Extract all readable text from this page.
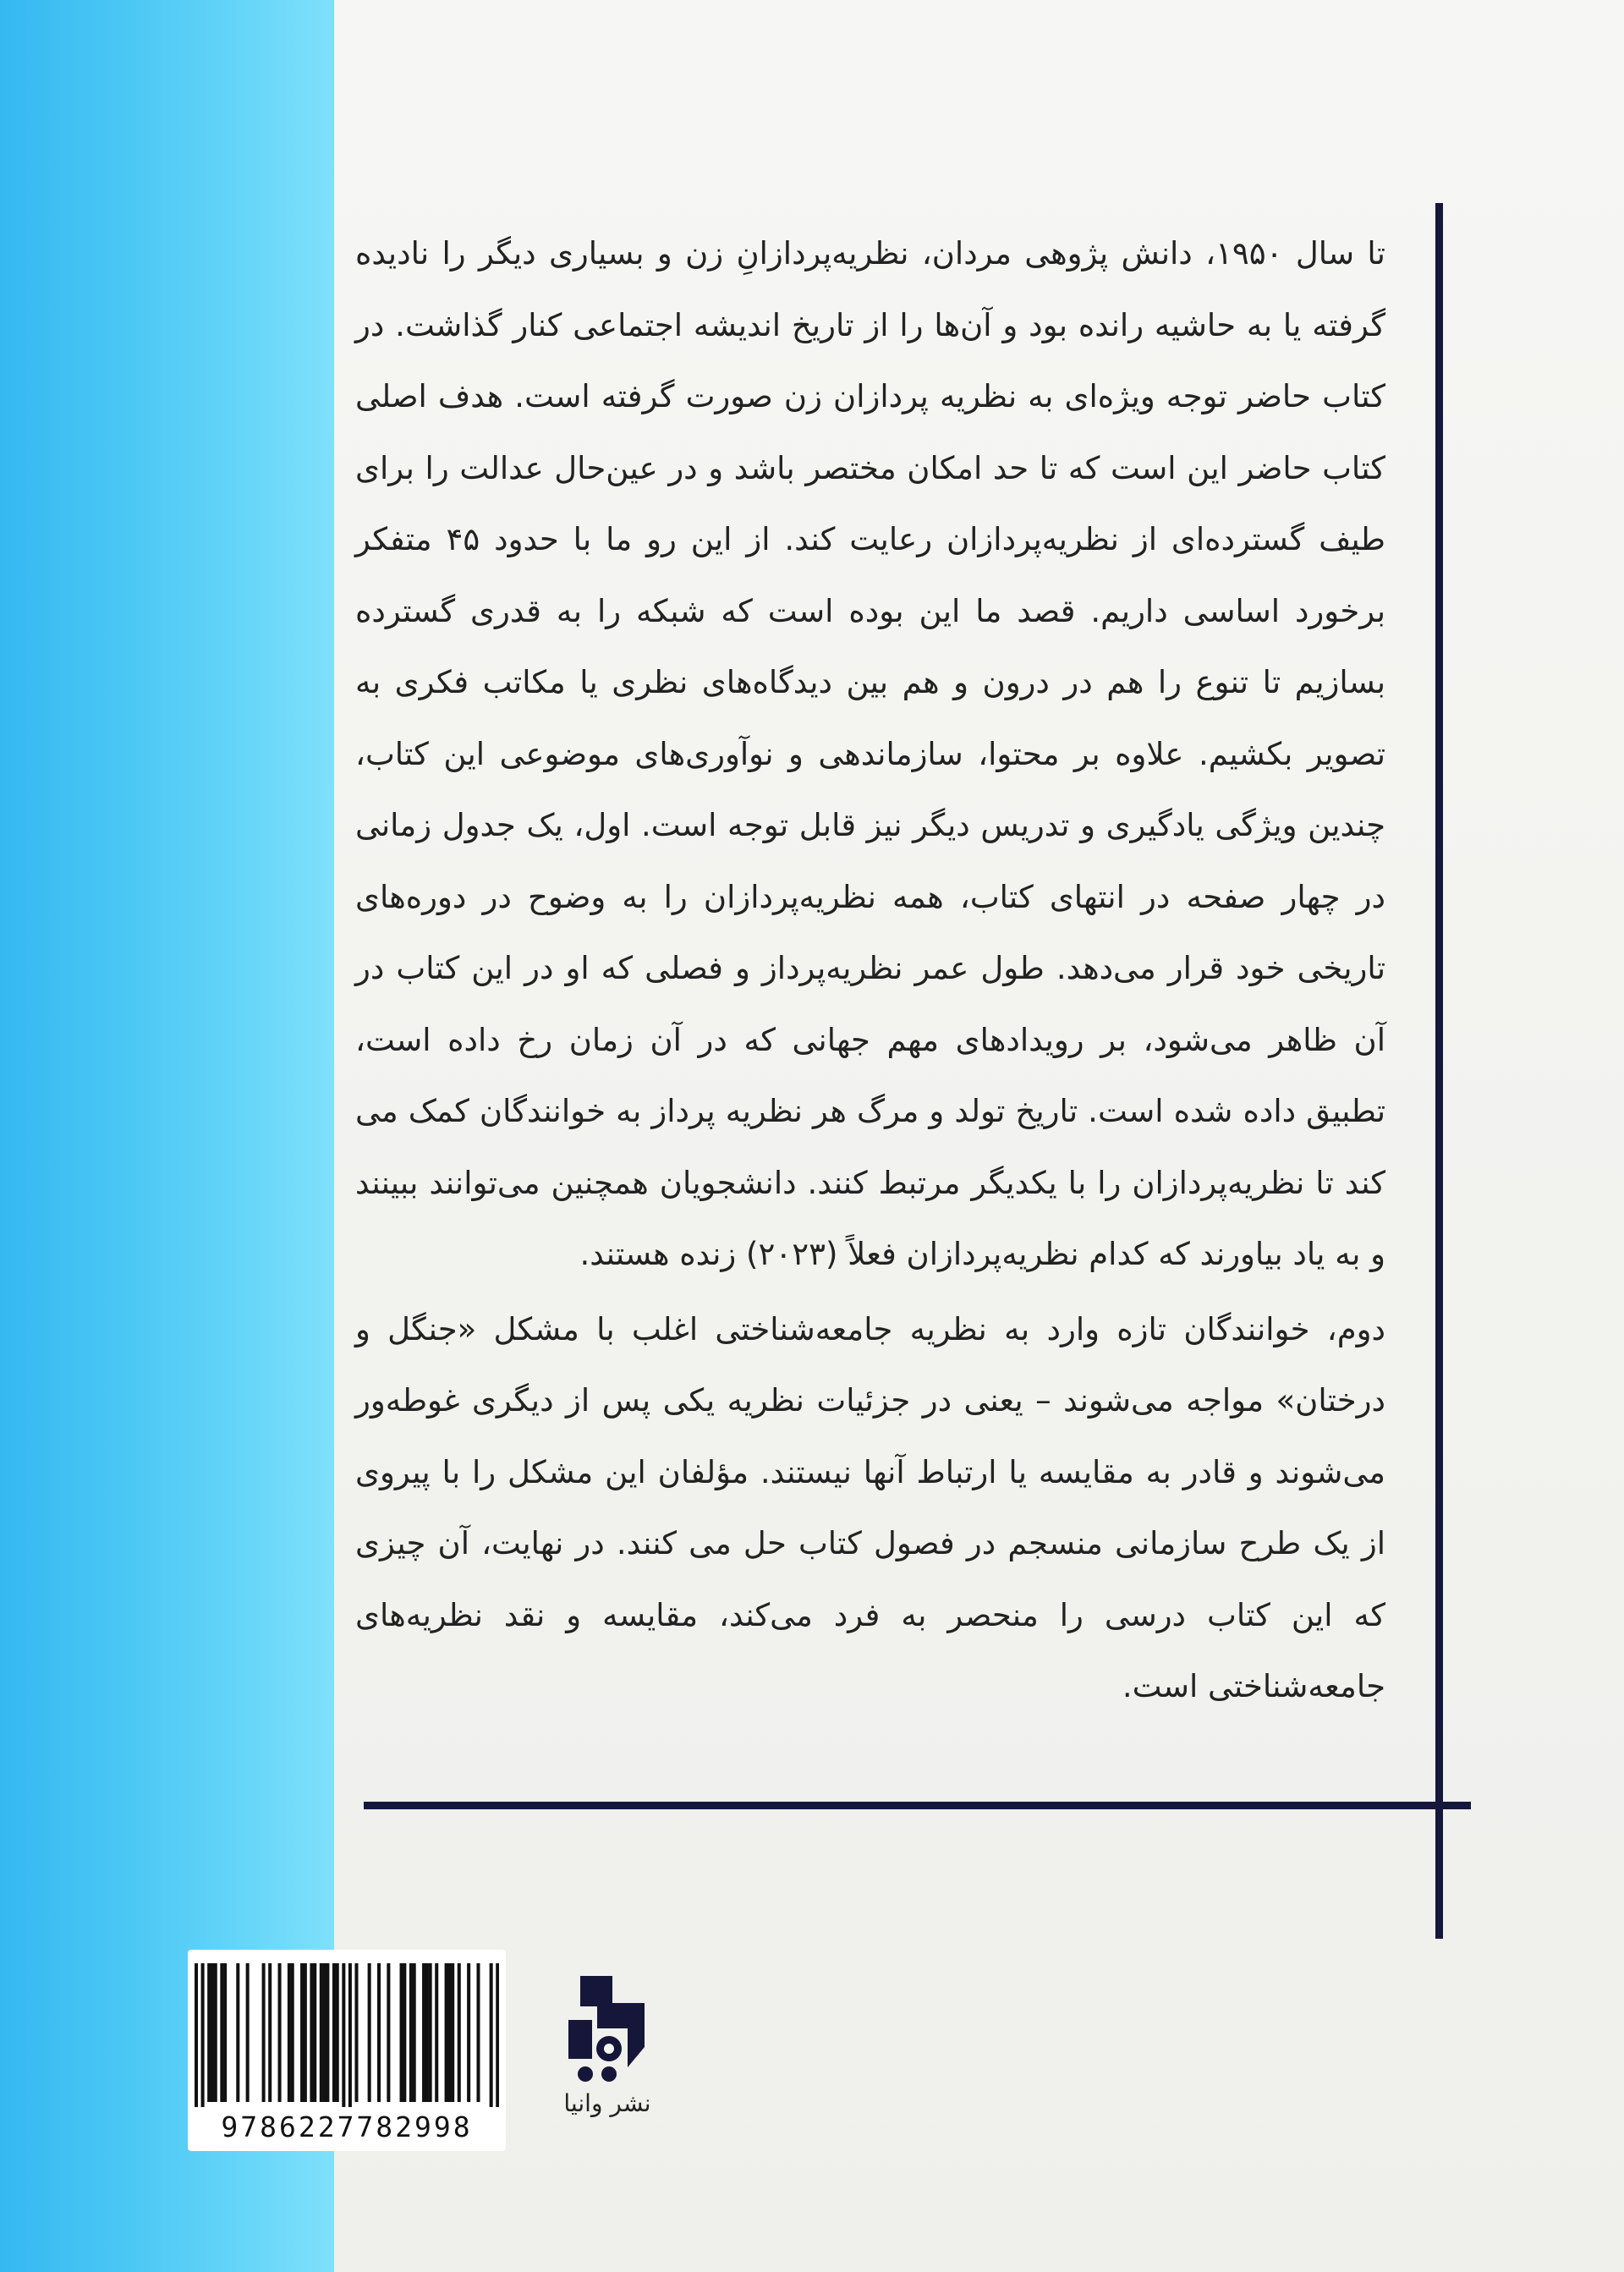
تا سال ۱۹۵۰، دانش پژوهی مردان، نظریه‌پردازانِ زن و بسیاری دیگر را نادیده گرفته یا به حاشیه رانده بود و آن‌ها را از تاریخ اندیشه اجتماعی کنار گذاشت. در کتاب حاضر توجه ویژه‌ای به نظریه پردازان زن صورت گرفته است. هدف اصلی کتاب حاضر این است که تا حد امکان مختصر باشد و در عین‌حال عدالت را برای طیف گسترده‌ای از نظریه‌پردازان رعایت کند. از این رو ما با حدود ۴۵ متفکر برخورد اساسی داریم. قصد ما این بوده است که شبکه را به قدری گسترده بسازیم تا تنوع را هم در درون و هم بین دیدگاه‌های نظری یا مکاتب فکری به تصویر بکشیم. علاوه بر محتوا، سازماندهی و نوآوری‌های موضوعی این کتاب، چندین ویژگی یادگیری و تدریس دیگر نیز قابل توجه است. اول، یک جدول زمانی در چهار صفحه در انتهای کتاب، همه نظریه‌پردازان را به وضوح در دوره‌های تاریخی خود قرار می‌دهد. طول عمر نظریه‌پرداز و فصلی که او در این کتاب در آن ظاهر می‌شود، بر رویدادهای مهم جهانی که در آن زمان رخ داده است، تطبیق داده شده است. تاریخ تولد و مرگ هر نظریه پرداز به خوانندگان کمک می کند تا نظریه‌پردازان را با یکدیگر مرتبط کنند. دانشجویان همچنین می‌توانند ببینند و به یاد بیاورند که کدام نظریه‌پردازان فعلاً (۲۰۲۳) زنده هستند.

دوم، خوانندگان تازه وارد به نظریه جامعه‌شناختی اغلب با مشکل «جنگل و درختان» مواجه می‌شوند – یعنی در جزئیات نظریه یکی پس از دیگری غوطه‌ور می‌شوند و قادر به مقایسه یا ارتباط آنها نیستند. مؤلفان این مشکل را با پیروی از یک طرح سازمانی منسجم در فصول کتاب حل می کنند. در نهایت، آن چیزی که این کتاب درسی را منحصر به فرد می‌کند، مقایسه و نقد نظریه‌های جامعه‌شناختی است.

9786227782998
نشر وانیا
